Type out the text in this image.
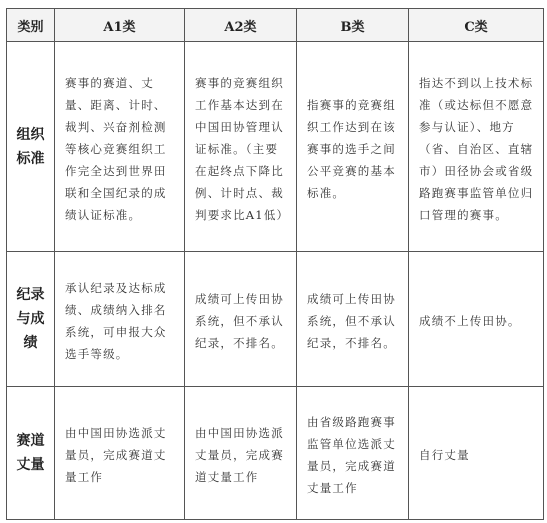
类别	A1类	A2类	B类	C类
组织标准	赛事的赛道、丈量、距离、计时、裁判、兴奋剂检测等核心竞赛组织工作完全达到世界田联和全国纪录的成绩认证标准。	赛事的竞赛组织工作基本达到在中国田协管理认证标准。（主要在起终点下降比例、计时点、裁判要求比A1低）	指赛事的竞赛组织工作达到在该赛事的选手之间公平竞赛的基本标准。	指达不到以上技术标准（或达标但不愿意参与认证）、地方（省、自治区、直辖市）田径协会或省级路跑赛事监管单位归口管理的赛事。

纪录与成绩	承认纪录及达标成绩、成绩纳入排名系统，可申报大众选手等级。	成绩可上传田协系统，但不承认纪录，不排名。	成绩可上传田协系统，但不承认纪录，不排名。	成绩不上传田协。

赛道丈量	由中国田协选派丈量员，完成赛道丈量工作	由中国田协选派丈量员，完成赛道丈量工作	由省级路跑赛事监管单位选派丈量员，完成赛道丈量工作	自行丈量
